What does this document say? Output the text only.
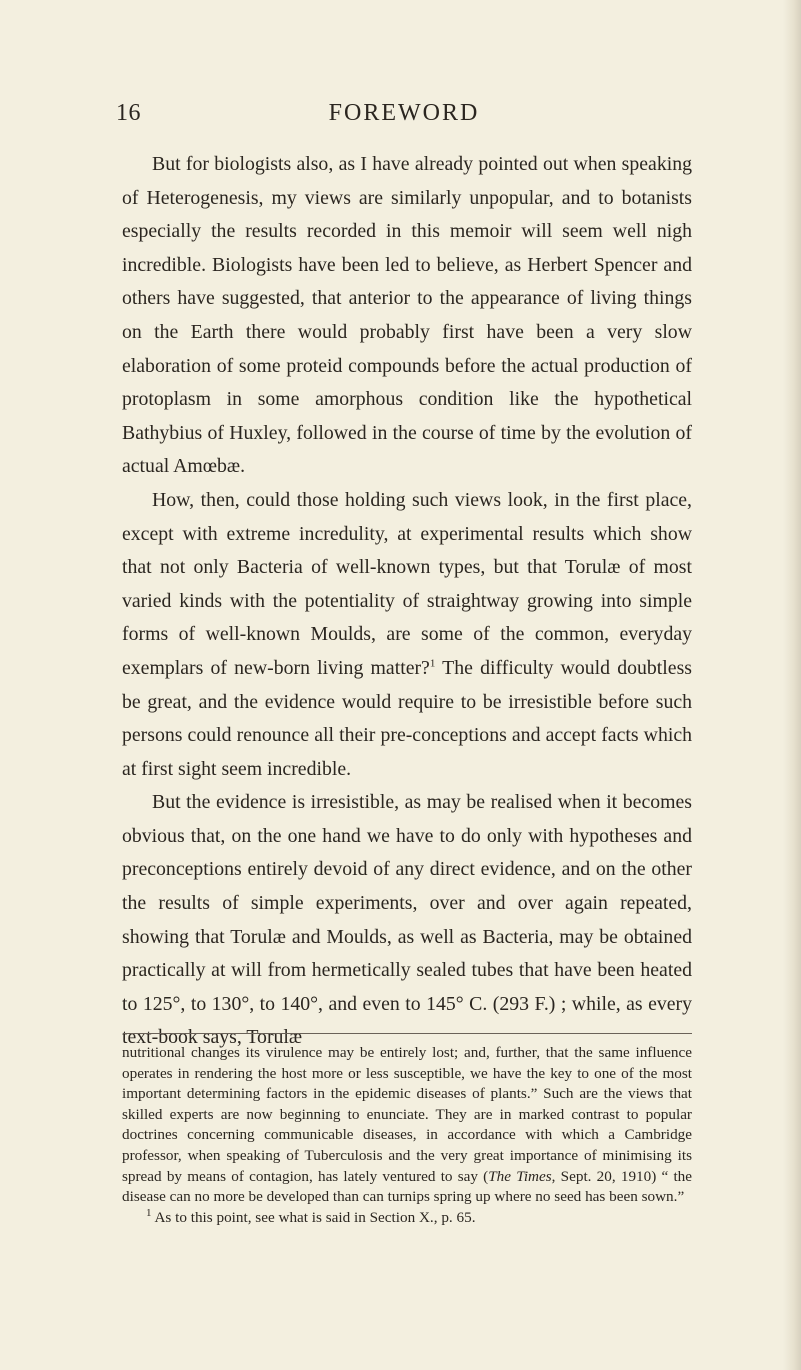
16	FOREWORD

But for biologists also, as I have already pointed out when speaking of Heterogenesis, my views are similarly unpopular, and to botanists especially the results recorded in this memoir will seem well nigh incredible. Biologists have been led to believe, as Herbert Spencer and others have suggested, that anterior to the appearance of living things on the Earth there would probably first have been a very slow elaboration of some proteid compounds before the actual production of protoplasm in some amorphous condition like the hypothetical Bathybius of Huxley, followed in the course of time by the evolution of actual Amœbæ.

How, then, could those holding such views look, in the first place, except with extreme incredulity, at experimental results which show that not only Bacteria of well-known types, but that Torulæ of most varied kinds with the potentiality of straightway growing into simple forms of well-known Moulds, are some of the common, everyday exemplars of new-born living matter?$^1$ The difficulty would doubtless be great, and the evidence would require to be irresistible before such persons could renounce all their pre-conceptions and accept facts which at first sight seem incredible.

But the evidence is irresistible, as may be realised when it becomes obvious that, on the one hand we have to do only with hypotheses and preconceptions entirely devoid of any direct evidence, and on the other the results of simple experiments, over and over again repeated, showing that Torulæ and Moulds, as well as Bacteria, may be obtained practically at will from hermetically sealed tubes that have been heated to 125°, to 130°, to 140°, and even to 145° C. (293 F.) ; while, as every text-book says, Torulæ

nutritional changes its virulence may be entirely lost; and, further, that the same influence operates in rendering the host more or less susceptible, we have the key to one of the most important determining factors in the epidemic diseases of plants.” Such are the views that skilled experts are now beginning to enunciate. They are in marked contrast to popular doctrines concerning communicable diseases, in accordance with which a Cambridge professor, when speaking of Tuberculosis and the very great importance of minimising its spread by means of contagion, has lately ventured to say (The Times, Sept. 20, 1910) “ the disease can no more be developed than can turnips spring up where no seed has been sown.”

$^1$ As to this point, see what is said in Section X., p. 65.
